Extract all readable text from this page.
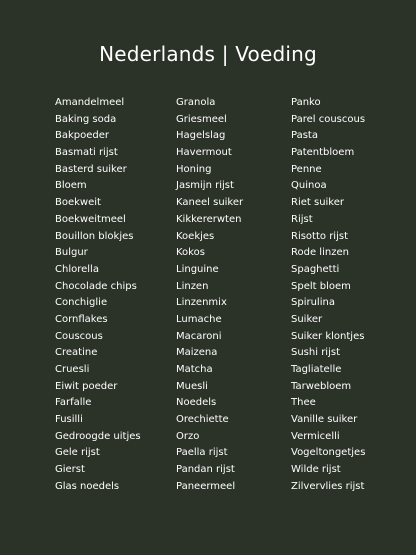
Nederlands | Voeding
Amandelmeel
Baking soda
Bakpoeder
Basmati rijst
Basterd suiker
Bloem
Boekweit
Boekweitmeel
Bouillon blokjes
Bulgur
Chlorella
Chocolade chips
Conchiglie
Cornflakes
Couscous
Creatine
Cruesli
Eiwit poeder
Farfalle
Fusilli
Gedroogde uitjes
Gele rijst
Gierst
Glas noedels
Granola
Griesmeel
Hagelslag
Havermout
Honing
Jasmijn rijst
Kaneel suiker
Kikkererwten
Koekjes
Kokos
Linguine
Linzen
Linzenmix
Lumache
Macaroni
Maizena
Matcha
Muesli
Noedels
Orechiette
Orzo
Paella rijst
Pandan rijst
Paneermeel
Panko
Parel couscous
Pasta
Patentbloem
Penne
Quinoa
Riet suiker
Rijst
Risotto rijst
Rode linzen
Spaghetti
Spelt bloem
Spirulina
Suiker
Suiker klontjes
Sushi rijst
Tagliatelle
Tarwebloem
Thee
Vanille suiker
Vermicelli
Vogeltongetjes
Wilde rijst
Zilvervlies rijst
